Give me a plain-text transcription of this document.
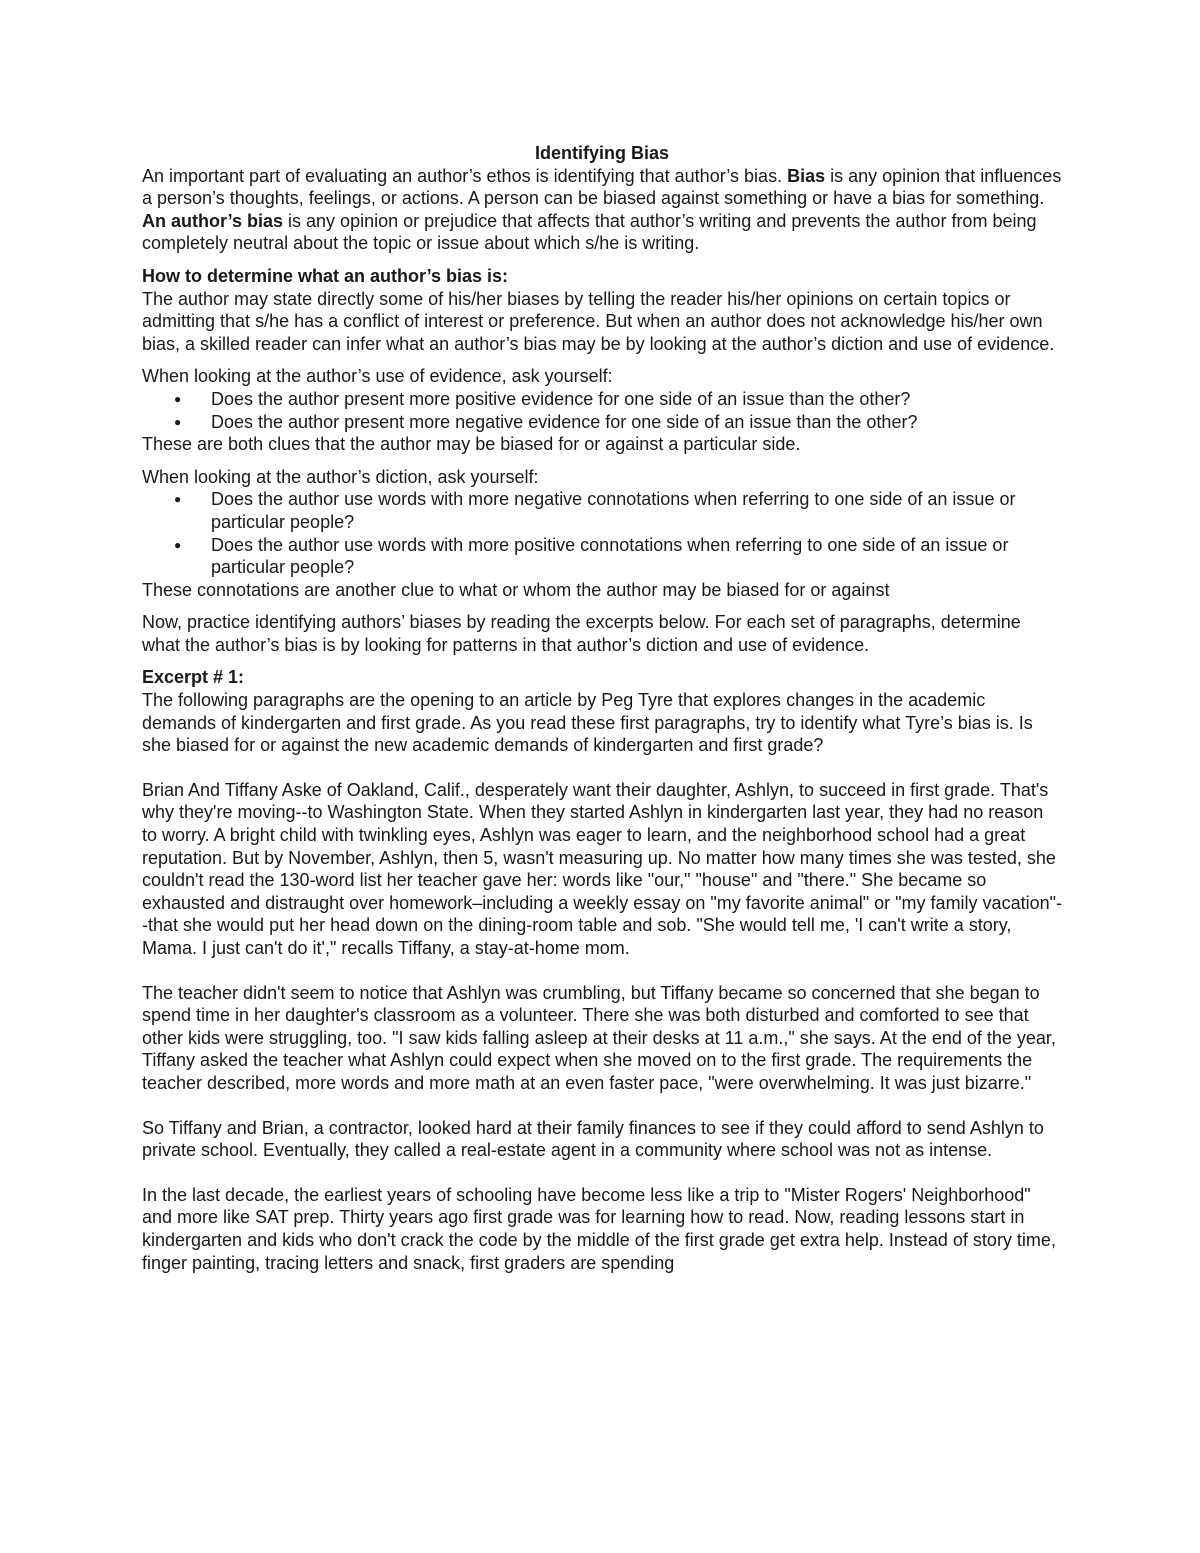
Identifying Bias

An important part of evaluating an author’s ethos is identifying that author’s bias. Bias is any opinion that influences a person’s thoughts, feelings, or actions. A person can be biased against something or have a bias for something. An author’s bias is any opinion or prejudice that affects that author’s writing and prevents the author from being completely neutral about the topic or issue about which s/he is writing.

How to determine what an author’s bias is:

The author may state directly some of his/her biases by telling the reader his/her opinions on certain topics or admitting that s/he has a conflict of interest or preference. But when an author does not acknowledge his/her own bias, a skilled reader can infer what an author’s bias may be by looking at the author’s diction and use of evidence.

When looking at the author’s use of evidence, ask yourself:

● Does the author present more positive evidence for one side of an issue than the other?
● Does the author present more negative evidence for one side of an issue than the other?

These are both clues that the author may be biased for or against a particular side.

When looking at the author’s diction, ask yourself:

● Does the author use words with more negative connotations when referring to one side of an issue or particular people?
● Does the author use words with more positive connotations when referring to one side of an issue or particular people?

These connotations are another clue to what or whom the author may be biased for or against

Now, practice identifying authors’ biases by reading the excerpts below. For each set of paragraphs, determine what the author’s bias is by looking for patterns in that author’s diction and use of evidence.

Excerpt # 1:

The following paragraphs are the opening to an article by Peg Tyre that explores changes in the academic demands of kindergarten and first grade. As you read these first paragraphs, try to identify what Tyre’s bias is. Is she biased for or against the new academic demands of kindergarten and first grade?

Brian And Tiffany Aske of Oakland, Calif., desperately want their daughter, Ashlyn, to succeed in first grade. That's why they're moving--to Washington State. When they started Ashlyn in kindergarten last year, they had no reason to worry. A bright child with twinkling eyes, Ashlyn was eager to learn, and the neighborhood school had a great reputation. But by November, Ashlyn, then 5, wasn't measuring up. No matter how many times she was tested, she couldn't read the 130-word list her teacher gave her: words like "our," "house" and "there." She became so exhausted and distraught over homework–including a weekly essay on "my favorite animal" or "my family vacation"--that she would put her head down on the dining-room table and sob. "She would tell me, 'I can't write a story, Mama. I just can't do it'," recalls Tiffany, a stay-at-home mom.

The teacher didn't seem to notice that Ashlyn was crumbling, but Tiffany became so concerned that she began to spend time in her daughter's classroom as a volunteer. There she was both disturbed and comforted to see that other kids were struggling, too. "I saw kids falling asleep at their desks at 11 a.m.," she says. At the end of the year, Tiffany asked the teacher what Ashlyn could expect when she moved on to the first grade. The requirements the teacher described, more words and more math at an even faster pace, "were overwhelming. It was just bizarre."

So Tiffany and Brian, a contractor, looked hard at their family finances to see if they could afford to send Ashlyn to private school. Eventually, they called a real-estate agent in a community where school was not as intense.

In the last decade, the earliest years of schooling have become less like a trip to "Mister Rogers' Neighborhood" and more like SAT prep. Thirty years ago first grade was for learning how to read. Now, reading lessons start in kindergarten and kids who don't crack the code by the middle of the first grade get extra help. Instead of story time, finger painting, tracing letters and snack, first graders are spending
